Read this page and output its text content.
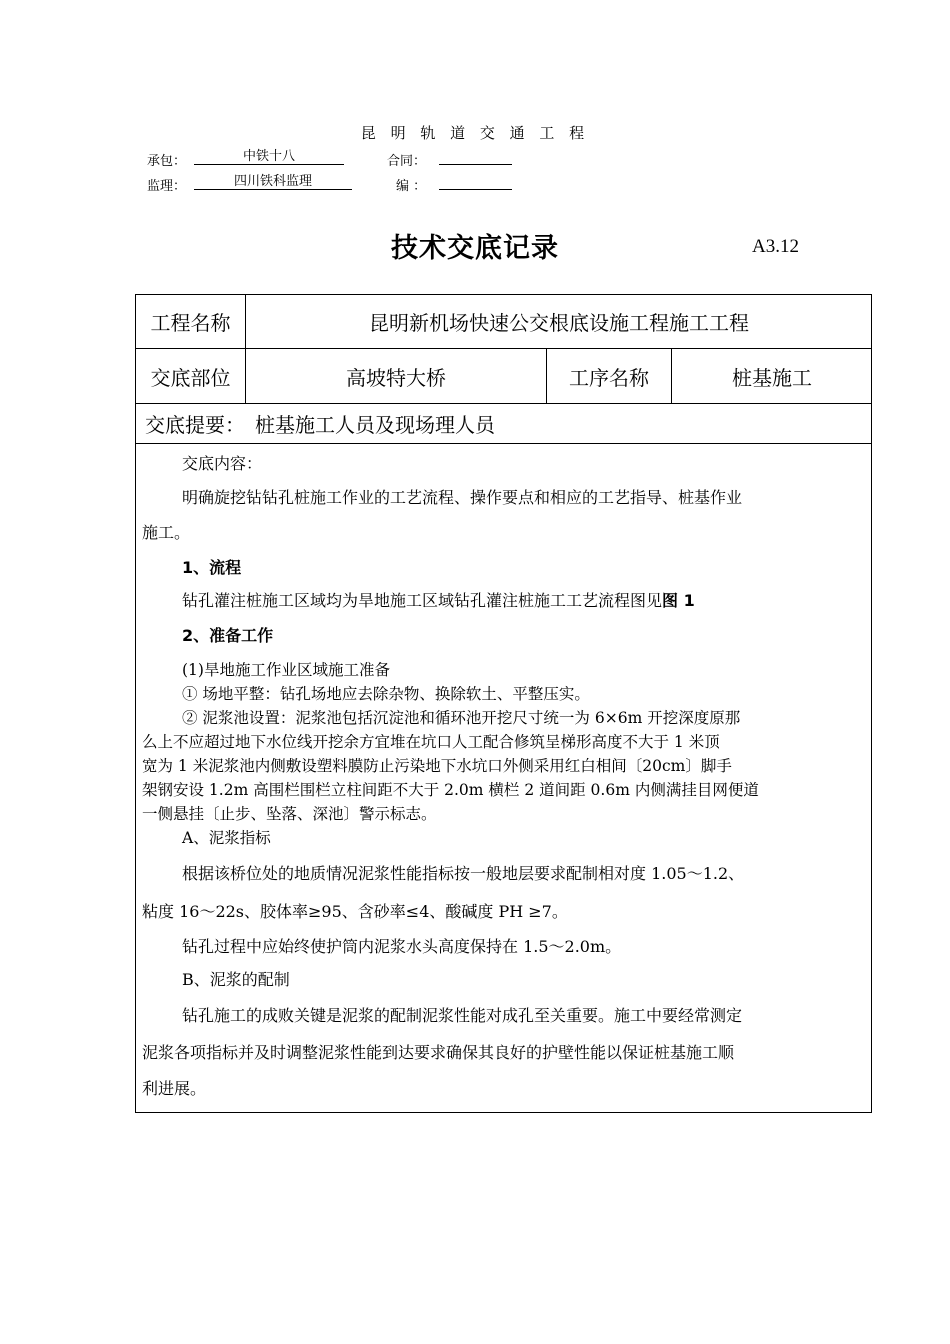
昆 明 轨 道 交 通 工 程
承包：	中铁十八	合同：
监理：	四川铁科监理	编 ：
技术交底记录	A3.12
工程名称	昆明新机场快速公交根底设施工程施工工程
交底部位	高坡特大桥	工序名称	桩基施工
交底提要：　桩基施工人员及现场理人员

交底内容：

明确旋挖钻钻孔桩施工作业的工艺流程、操作要点和相应的工艺指导、桩基作业

施工。

1、流程

钻孔灌注桩施工区域均为旱地施工区域钻孔灌注桩施工工艺流程图见图 1

2、准备工作

(1)旱地施工作业区域施工准备

① 场地平整：钻孔场地应去除杂物、换除软土、平整压实。

② 泥浆池设置：泥浆池包括沉淀池和循环池开挖尺寸统一为 6×6m 开挖深度原那

么上不应超过地下水位线开挖余方宜堆在坑口人工配合修筑呈梯形高度不大于 1 米顶

宽为 1 米泥浆池内侧敷设塑料膜防止污染地下水坑口外侧采用红白相间〔20cm〕脚手

架钢安设 1.2m 高围栏围栏立柱间距不大于 2.0m 横栏 2 道间距 0.6m 内侧满挂目网便道

一侧悬挂〔止步、坠落、深池〕警示标志。

A、泥浆指标

根据该桥位处的地质情况泥浆性能指标按一般地层要求配制相对度 1.05～1.2、

粘度 16～22s、胶体率≥95、含砂率≤4、酸碱度 PH ≥7。

钻孔过程中应始终使护筒内泥浆水头高度保持在 1.5～2.0m。

B、泥浆的配制

钻孔施工的成败关键是泥浆的配制泥浆性能对成孔至关重要。施工中要经常测定

泥浆各项指标并及时调整泥浆性能到达要求确保其良好的护壁性能以保证桩基施工顺

利进展。
